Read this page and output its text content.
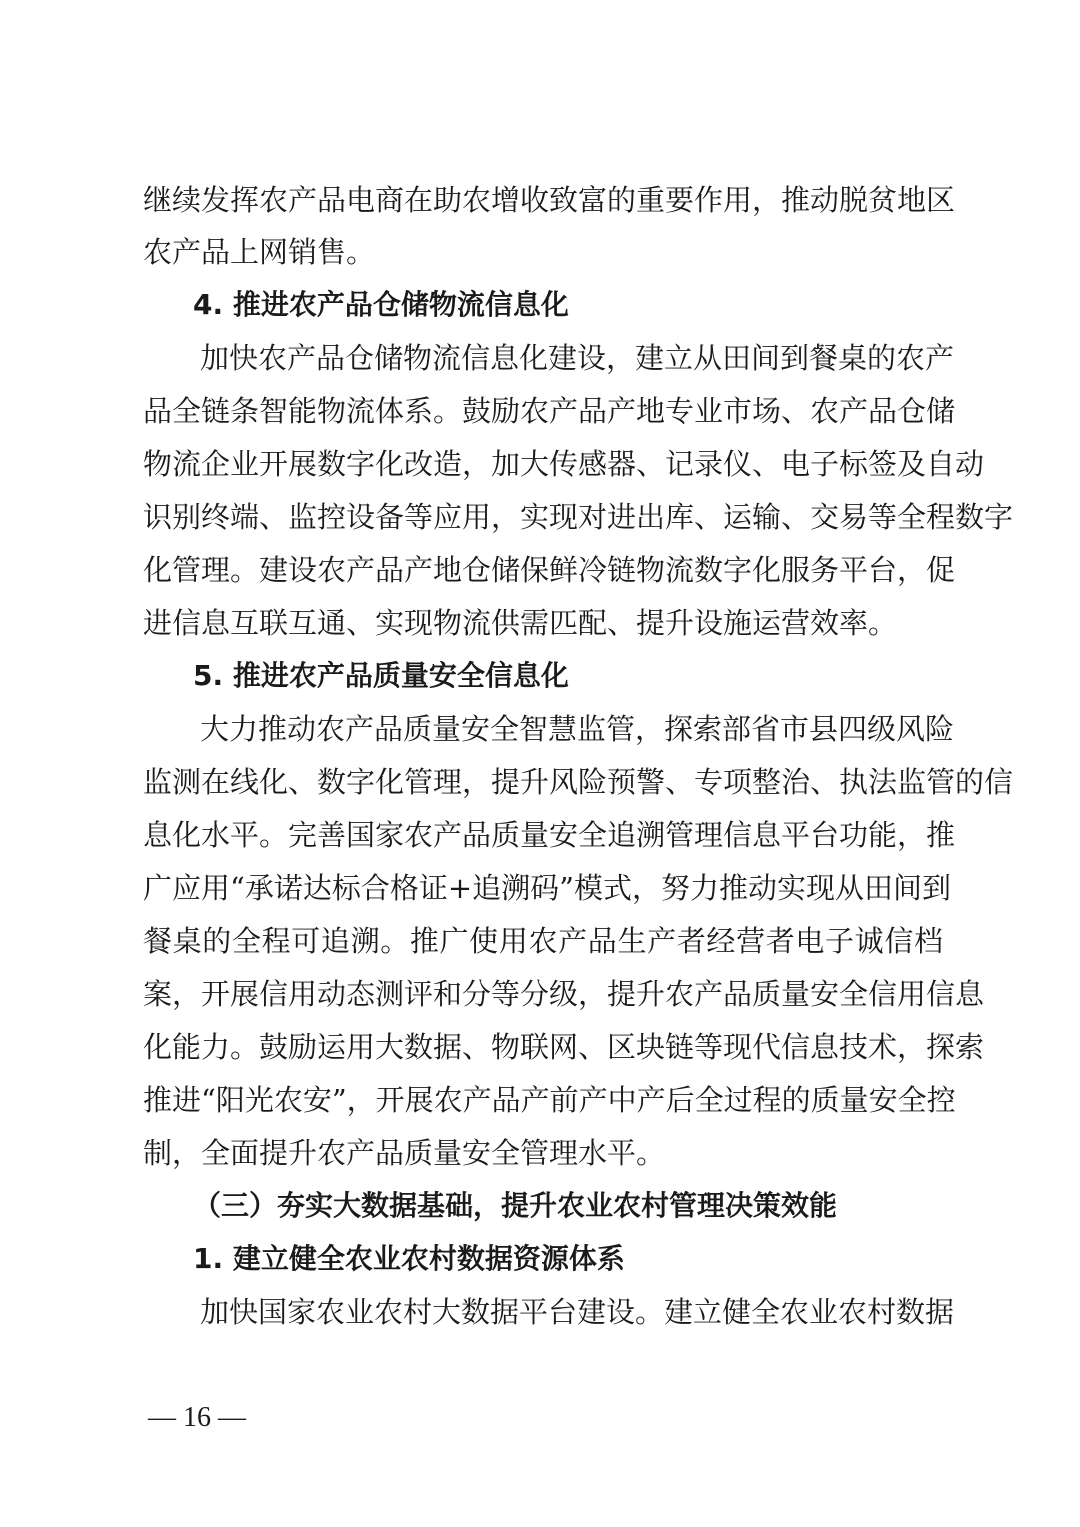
继续发挥农产品电商在助农增收致富的重要作用，推动脱贫地区
农产品上网销售。
4. 推进农产品仓储物流信息化
加快农产品仓储物流信息化建设，建立从田间到餐桌的农产
品全链条智能物流体系。鼓励农产品产地专业市场、农产品仓储
物流企业开展数字化改造，加大传感器、记录仪、电子标签及自动
识别终端、监控设备等应用，实现对进出库、运输、交易等全程数字
化管理。建设农产品产地仓储保鲜冷链物流数字化服务平台，促
进信息互联互通、实现物流供需匹配、提升设施运营效率。
5. 推进农产品质量安全信息化
大力推动农产品质量安全智慧监管，探索部省市县四级风险
监测在线化、数字化管理，提升风险预警、专项整治、执法监管的信
息化水平。完善国家农产品质量安全追溯管理信息平台功能，推
广应用“承诺达标合格证+追溯码”模式，努力推动实现从田间到
餐桌的全程可追溯。推广使用农产品生产者经营者电子诚信档
案，开展信用动态测评和分等分级，提升农产品质量安全信用信息
化能力。鼓励运用大数据、物联网、区块链等现代信息技术，探索
推进“阳光农安”，开展农产品产前产中产后全过程的质量安全控
制，全面提升农产品质量安全管理水平。
（三）夯实大数据基础，提升农业农村管理决策效能
1. 建立健全农业农村数据资源体系
加快国家农业农村大数据平台建设。建立健全农业农村数据
— 16 —
